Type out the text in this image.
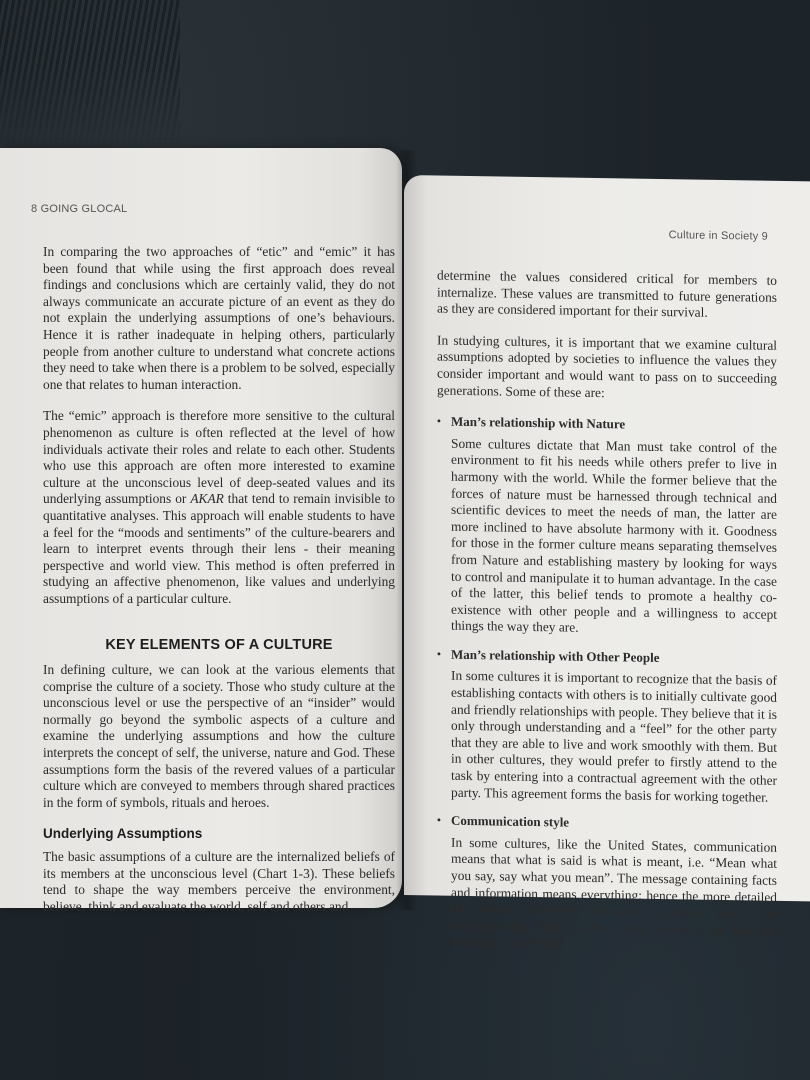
8 GOING GLOCAL

In comparing the two approaches of “etic” and “emic” it has been found that while using the first approach does reveal findings and conclusions which are certainly valid, they do not always communicate an accurate picture of an event as they do not explain the underlying assumptions of one’s behaviours. Hence it is rather inadequate in helping others, particularly people from another culture to understand what concrete actions they need to take when there is a problem to be solved, especially one that relates to human interaction.

The “emic” approach is therefore more sensitive to the cultural phenomenon as culture is often reflected at the level of how individuals activate their roles and relate to each other. Students who use this approach are often more interested to examine culture at the unconscious level of deep-seated values and its underlying assumptions or AKAR that tend to remain invisible to quantitative analyses. This approach will enable students to have a feel for the “moods and sentiments” of the culture-bearers and learn to interpret events through their lens - their meaning perspective and world view. This method is often preferred in studying an affective phenomenon, like values and underlying assumptions of a particular culture.

KEY ELEMENTS OF A CULTURE

In defining culture, we can look at the various elements that comprise the culture of a society. Those who study culture at the unconscious level or use the perspective of an “insider” would normally go beyond the symbolic aspects of a culture and examine the underlying assumptions and how the culture interprets the concept of self, the universe, nature and God. These assumptions form the basis of the revered values of a particular culture which are conveyed to members through shared practices in the form of symbols, rituals and heroes.

Underlying Assumptions

The basic assumptions of a culture are the internalized beliefs of its members at the unconscious level (Chart 1-3). These beliefs tend to shape the way members perceive the environment, believe, think and evaluate the world, self and others and

Culture in Society 9

determine the values considered critical for members to internalize. These values are transmitted to future generations as they are considered important for their survival.

In studying cultures, it is important that we examine cultural assumptions adopted by societies to influence the values they consider important and would want to pass on to succeeding generations. Some of these are:

• Man’s relationship with Nature
Some cultures dictate that Man must take control of the environment to fit his needs while others prefer to live in harmony with the world. While the former believe that the forces of nature must be harnessed through technical and scientific devices to meet the needs of man, the latter are more inclined to have absolute harmony with it. Goodness for those in the former culture means separating themselves from Nature and establishing mastery by looking for ways to control and manipulate it to human advantage. In the case of the latter, this belief tends to promote a healthy co-existence with other people and a willingness to accept things the way they are.
• Man’s relationship with Other People
In some cultures it is important to recognize that the basis of establishing contacts with others is to initially cultivate good and friendly relationships with people. They believe that it is only through understanding and a “feel” for the other party that they are able to live and work smoothly with them. But in other cultures, they would prefer to firstly attend to the task by entering into a contractual agreement with the other party. This agreement forms the basis for working together.
• Communication style
In some cultures, like the United States, communication means that what is said is what is meant, i.e. “Mean what you say, say what you mean”. The message containing facts and information means everything; hence the more detailed the better. However, in other cultures which are homogeneous, there is also a need to focus on how the message is conveyed
